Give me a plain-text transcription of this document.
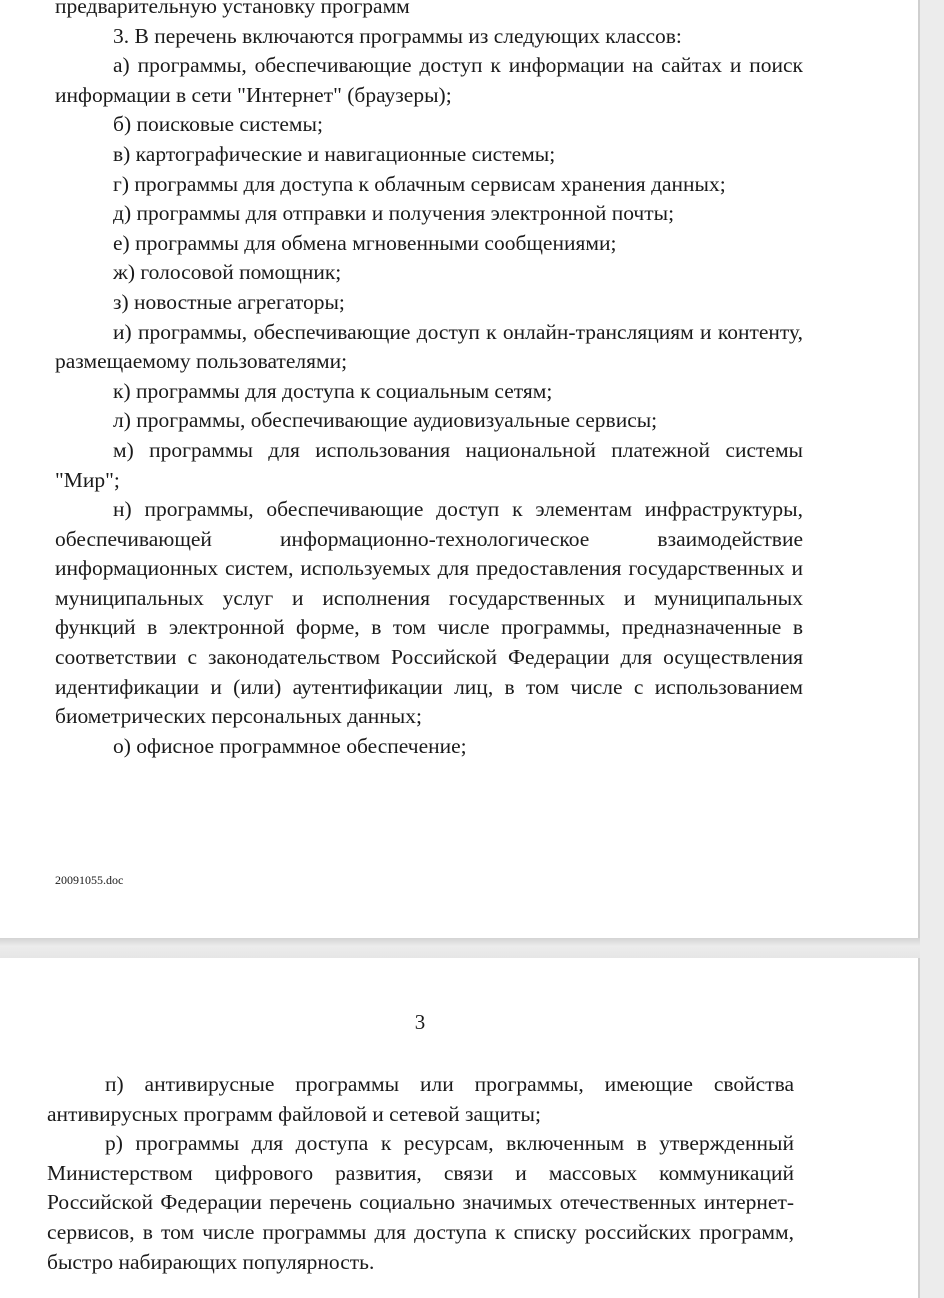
предварительную установку программ

3. В перечень включаются программы из следующих классов:

а) программы, обеспечивающие доступ к информации на сайтах и поиск информации в сети "Интернет" (браузеры);

б) поисковые системы;

в) картографические и навигационные системы;

г) программы для доступа к облачным сервисам хранения данных;

д) программы для отправки и получения электронной почты;

е) программы для обмена мгновенными сообщениями;

ж) голосовой помощник;

з) новостные агрегаторы;

и) программы, обеспечивающие доступ к онлайн-трансляциям и контенту, размещаемому пользователями;

к) программы для доступа к социальным сетям;

л) программы, обеспечивающие аудиовизуальные сервисы;

м) программы для использования национальной платежной системы "Мир";

н) программы, обеспечивающие доступ к элементам инфраструктуры, обеспечивающей информационно-технологическое взаимодействие информационных систем, используемых для предоставления государственных и муниципальных услуг и исполнения государственных и муниципальных функций в электронной форме, в том числе программы, предназначенные в соответствии с законодательством Российской Федерации для осуществления идентификации и (или) аутентификации лиц, в том числе с использованием биометрических персональных данных;

о) офисное программное обеспечение;

20091055.doc
3

п) антивирусные программы или программы, имеющие свойства антивирусных программ файловой и сетевой защиты;

р) программы для доступа к ресурсам, включенным в утвержденный Министерством цифрового развития, связи и массовых коммуникаций Российской Федерации перечень социально значимых отечественных интернет-сервисов, в том числе программы для доступа к списку российских программ, быстро набирающих популярность.
